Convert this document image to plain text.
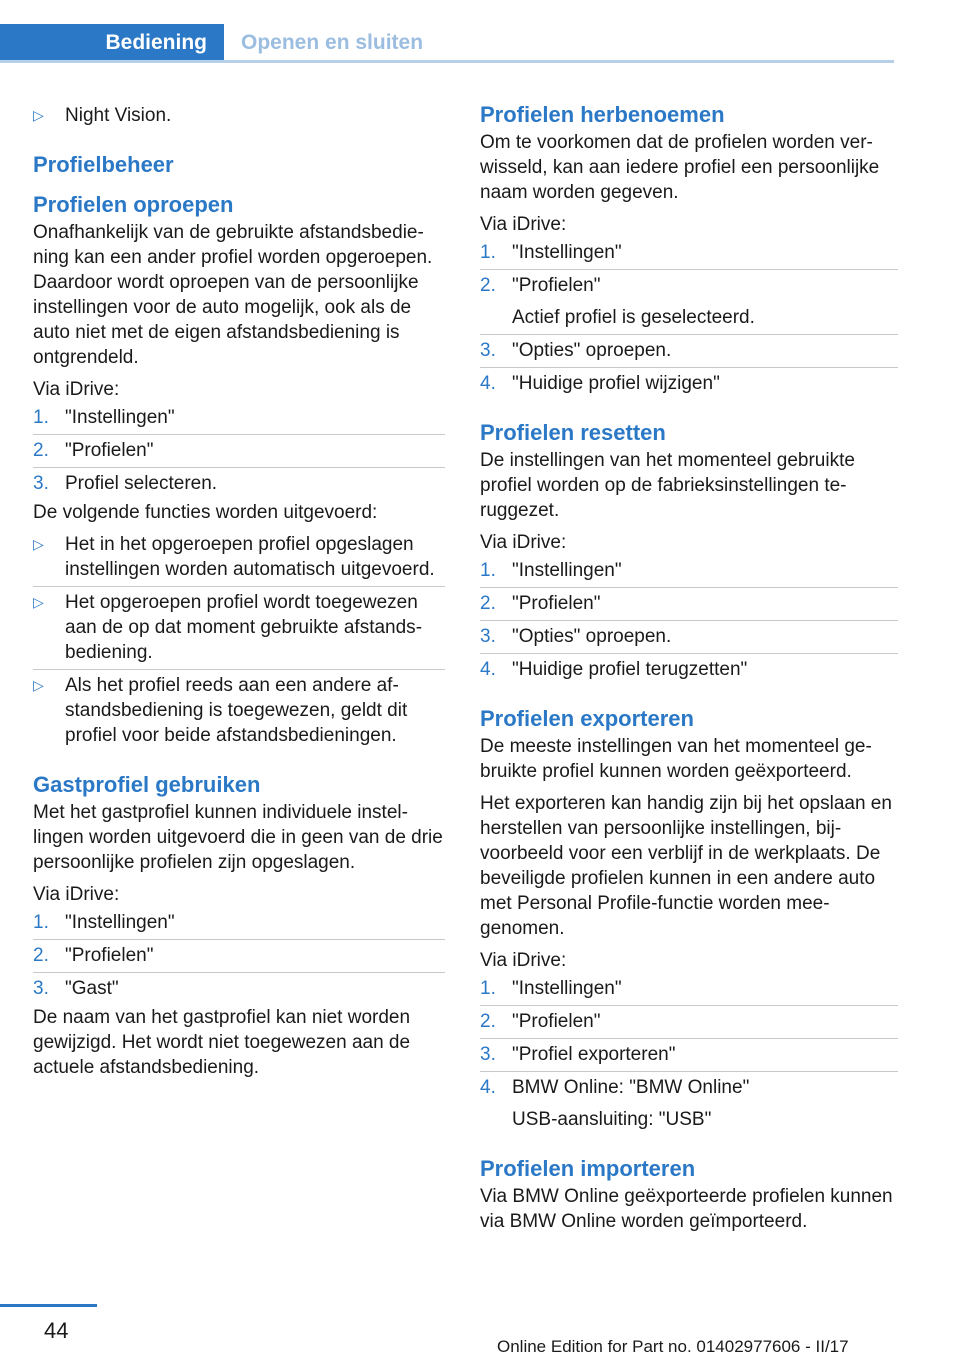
Bediening Openen en sluiten
▷ Night Vision.
Profielbeheer
Profielen oproepen

Onafhankelijk van de gebruikte afstandsbediening kan een ander profiel worden opgeroepen. Daardoor wordt oproepen van de persoonlijke instellingen voor de auto mogelijk, ook als de auto niet met de eigen afstandsbediening is ontgrendeld.

Via iDrive:

1. "Instellingen"
2. "Profielen"
3. Profiel selecteren.

De volgende functies worden uitgevoerd:

▷ Het in het opgeroepen profiel opgeslagen instellingen worden automatisch uitgevoerd.
▷ Het opgeroepen profiel wordt toegewezen aan de op dat moment gebruikte afstandsbediening.
▷ Als het profiel reeds aan een andere afstandsbediening is toegewezen, geldt dit profiel voor beide afstandsbedieningen.
Gastprofiel gebruiken

Met het gastprofiel kunnen individuele instellingen worden uitgevoerd die in geen van de drie persoonlijke profielen zijn opgeslagen.

Via iDrive:

1. "Instellingen"
2. "Profielen"
3. "Gast"

De naam van het gastprofiel kan niet worden gewijzigd. Het wordt niet toegewezen aan de actuele afstandsbediening.

Profielen herbenoemen

Om te voorkomen dat de profielen worden verwisseld, kan aan iedere profiel een persoonlijke naam worden gegeven.

Via iDrive:

1. "Instellingen"
2. "Profielen"
Actief profiel is geselecteerd.
3. "Opties" oproepen.
4. "Huidige profiel wijzigen"
Profielen resetten

De instellingen van het momenteel gebruikte profiel worden op de fabrieksinstellingen teruggezet.

Via iDrive:

1. "Instellingen"
2. "Profielen"
3. "Opties" oproepen.
4. "Huidige profiel terugzetten"
Profielen exporteren

De meeste instellingen van het momenteel gebruikte profiel kunnen worden geëxporteerd.

Het exporteren kan handig zijn bij het opslaan en herstellen van persoonlijke instellingen, bijvoorbeeld voor een verblijf in de werkplaats. De beveiligde profielen kunnen in een andere auto met Personal Profile-functie worden meegenomen.

Via iDrive:

1. "Instellingen"
2. "Profielen"
3. "Profiel exporteren"
4. BMW Online: "BMW Online"
USB-aansluiting: "USB"
Profielen importeren

Via BMW Online geëxporteerde profielen kunnen via BMW Online worden geïmporteerd.

44
Online Edition for Part no. 01402977606 - II/17
